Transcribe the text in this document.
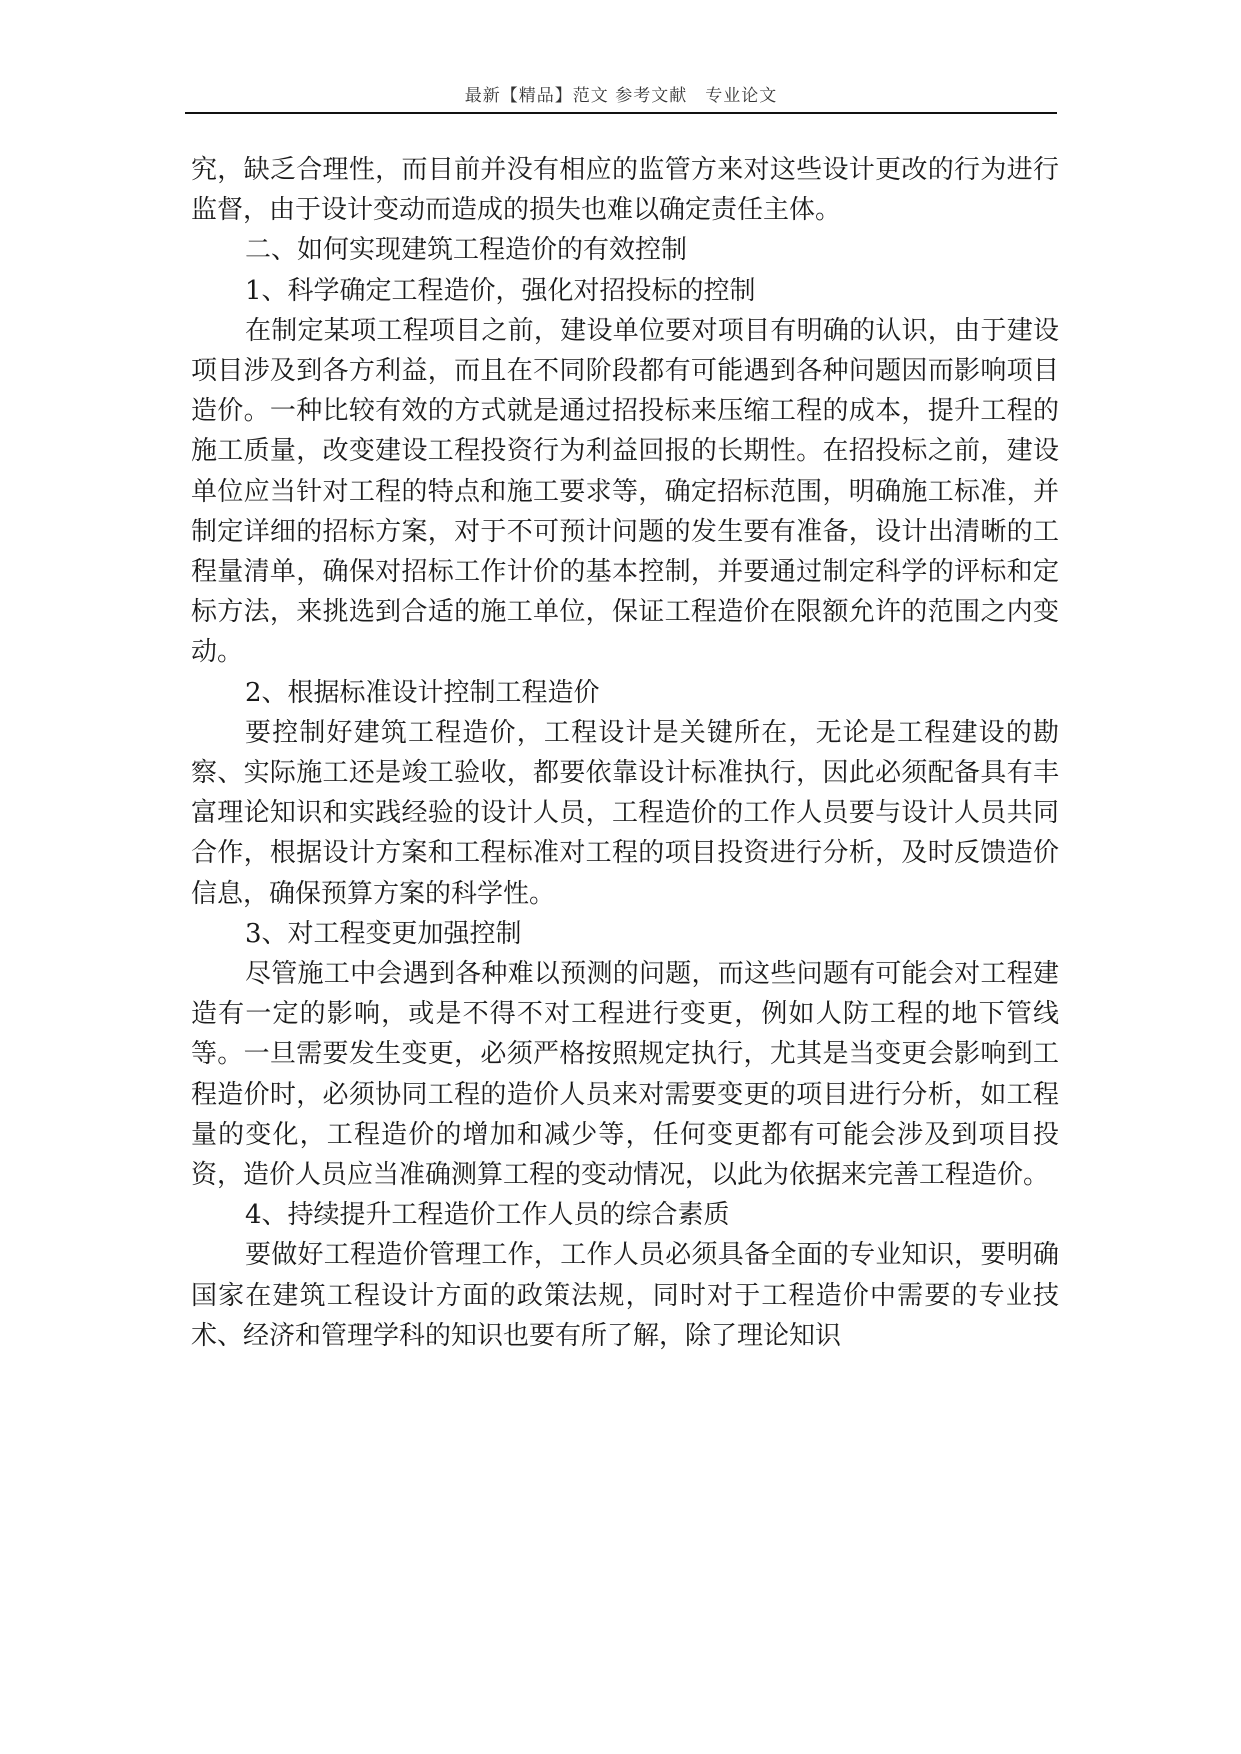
最新【精品】范文 参考文献　专业论文

究，缺乏合理性，而目前并没有相应的监管方来对这些设计更改的行为进行监督，由于设计变动而造成的损失也难以确定责任主体。

二、如何实现建筑工程造价的有效控制

1、科学确定工程造价，强化对招投标的控制

在制定某项工程项目之前，建设单位要对项目有明确的认识，由于建设项目涉及到各方利益，而且在不同阶段都有可能遇到各种问题因而影响项目造价。一种比较有效的方式就是通过招投标来压缩工程的成本，提升工程的施工质量，改变建设工程投资行为利益回报的长期性。在招投标之前，建设单位应当针对工程的特点和施工要求等，确定招标范围，明确施工标准，并制定详细的招标方案，对于不可预计问题的发生要有准备，设计出清晰的工程量清单，确保对招标工作计价的基本控制，并要通过制定科学的评标和定标方法，来挑选到合适的施工单位，保证工程造价在限额允许的范围之内变动。

2、根据标准设计控制工程造价

要控制好建筑工程造价，工程设计是关键所在，无论是工程建设的勘察、实际施工还是竣工验收，都要依靠设计标准执行，因此必须配备具有丰富理论知识和实践经验的设计人员，工程造价的工作人员要与设计人员共同合作，根据设计方案和工程标准对工程的项目投资进行分析，及时反馈造价信息，确保预算方案的科学性。

3、对工程变更加强控制

尽管施工中会遇到各种难以预测的问题，而这些问题有可能会对工程建造有一定的影响，或是不得不对工程进行变更，例如人防工程的地下管线等。一旦需要发生变更，必须严格按照规定执行，尤其是当变更会影响到工程造价时，必须协同工程的造价人员来对需要变更的项目进行分析，如工程量的变化，工程造价的增加和减少等，任何变更都有可能会涉及到项目投资，造价人员应当准确测算工程的变动情况，以此为依据来完善工程造价。

4、持续提升工程造价工作人员的综合素质

要做好工程造价管理工作，工作人员必须具备全面的专业知识，要明确国家在建筑工程设计方面的政策法规，同时对于工程造价中需要的专业技术、经济和管理学科的知识也要有所了解，除了理论知识
